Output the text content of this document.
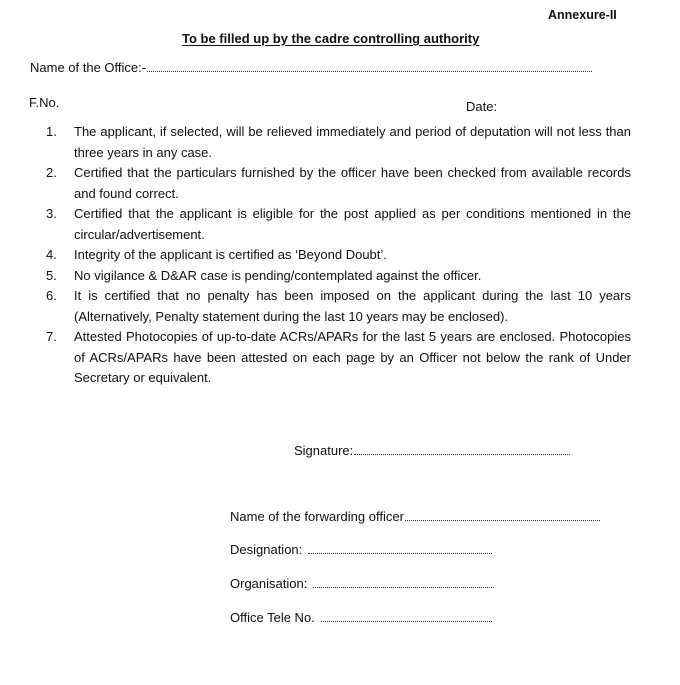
Annexure-II
To be filled up by the cadre controlling authority
Name of the Office:-
F.No.	Date:
1.	The applicant, if selected, will be relieved immediately and period of deputation will not less than three years in any case.
2.	Certified that the particulars furnished by the officer have been checked from available records and found correct.
3.	Certified that the applicant is eligible for the post applied as per conditions mentioned in the circular/advertisement.
4.	Integrity of the applicant is certified as ‘Beyond Doubt’.
5.	No vigilance & D&AR case is pending/contemplated against the officer.
6.	It is certified that no penalty has been imposed on the applicant during the last 10 years (Alternatively, Penalty statement during the last 10 years may be enclosed).
7.	Attested Photocopies of up-to-date ACRs/APARs for the last 5 years are enclosed. Photocopies of ACRs/APARs have been attested on each page by an Officer not below the rank of Under Secretary or equivalent.
Signature:
Name of the forwarding officer
Designation:
Organisation:
Office Tele No.
